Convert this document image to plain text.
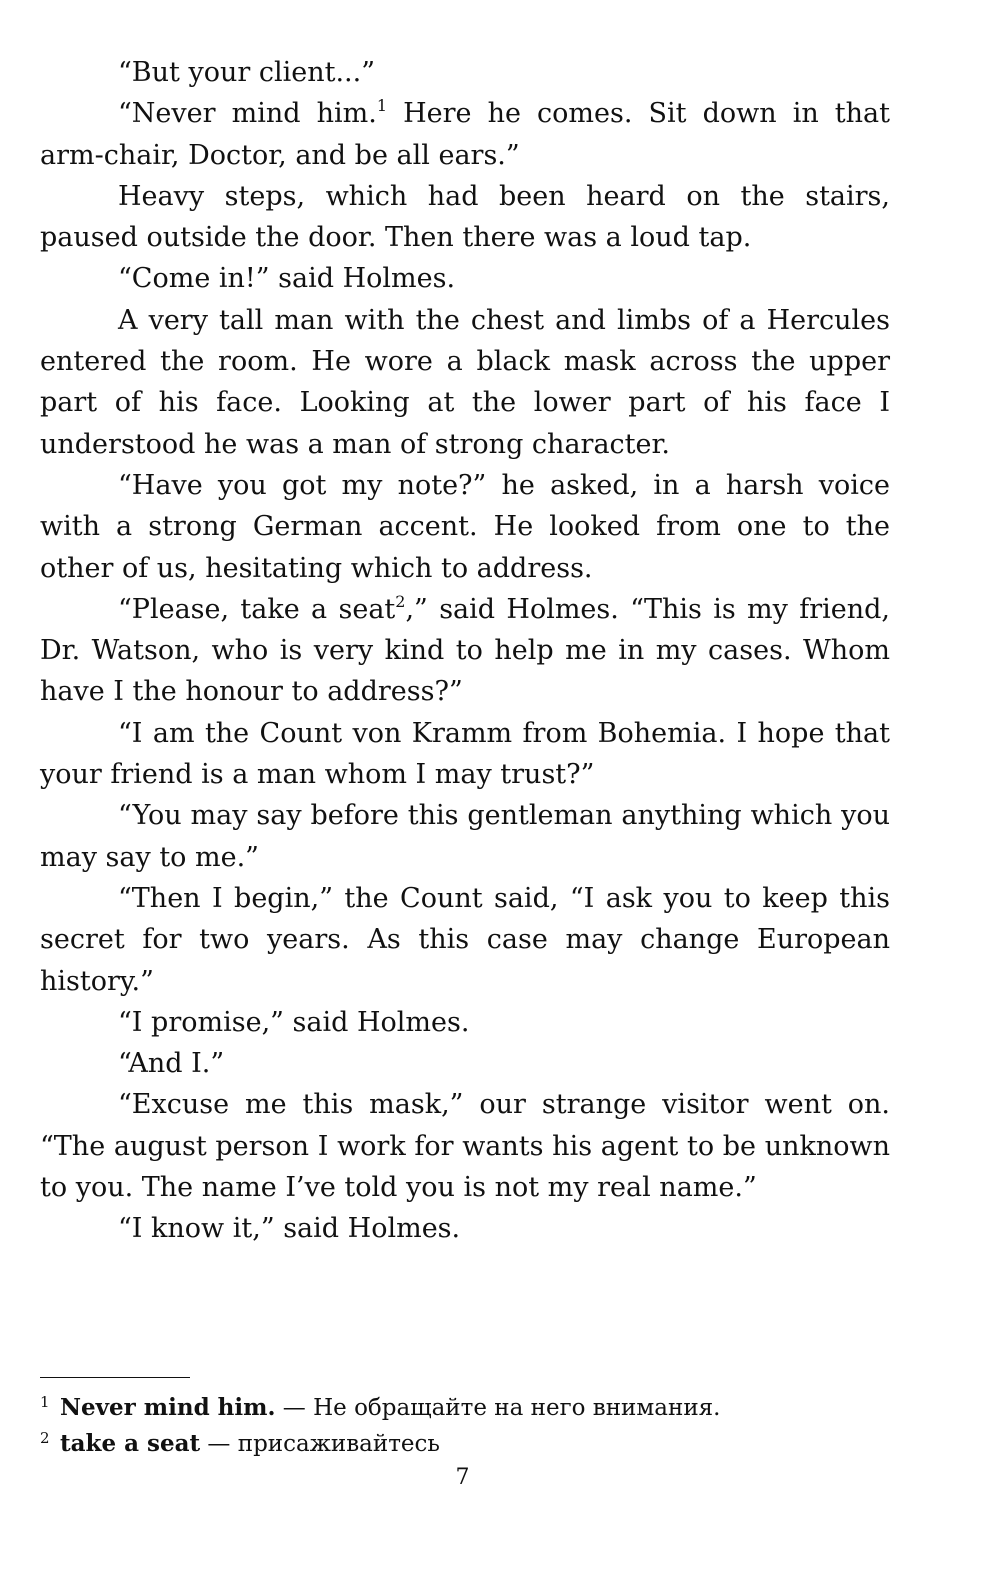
“But your client...”

“Never mind him.$^1$ Here he comes. Sit down in that arm-chair, Doctor, and be all ears.”

Heavy steps, which had been heard on the stairs, paused outside the door. Then there was a loud tap.

“Come in!” said Holmes.

A very tall man with the chest and limbs of a Hercules entered the room. He wore a black mask across the upper part of his face. Looking at the lower part of his face I understood he was a man of strong character.

“Have you got my note?” he asked, in a harsh voice with a strong German accent. He looked from one to the other of us, hesitating which to address.

“Please, take a seat$^2$,” said Holmes. “This is my friend, Dr. Watson, who is very kind to help me in my cases. Whom have I the honour to address?”

“I am the Count von Kramm from Bohemia. I hope that your friend is a man whom I may trust?”

“You may say before this gentleman anything which you may say to me.”

“Then I begin,” the Count said, “I ask you to keep this secret for two years. As this case may change European history.”

“I promise,” said Holmes.

“And I.”

“Excuse me this mask,” our strange visitor went on. “The august person I work for wants his agent to be unknown to you. The name I’ve told you is not my real name.”

“I know it,” said Holmes.

1 Never mind him. — Не обращайте на него внимания.

2 take a seat — присаживайтесь

7
